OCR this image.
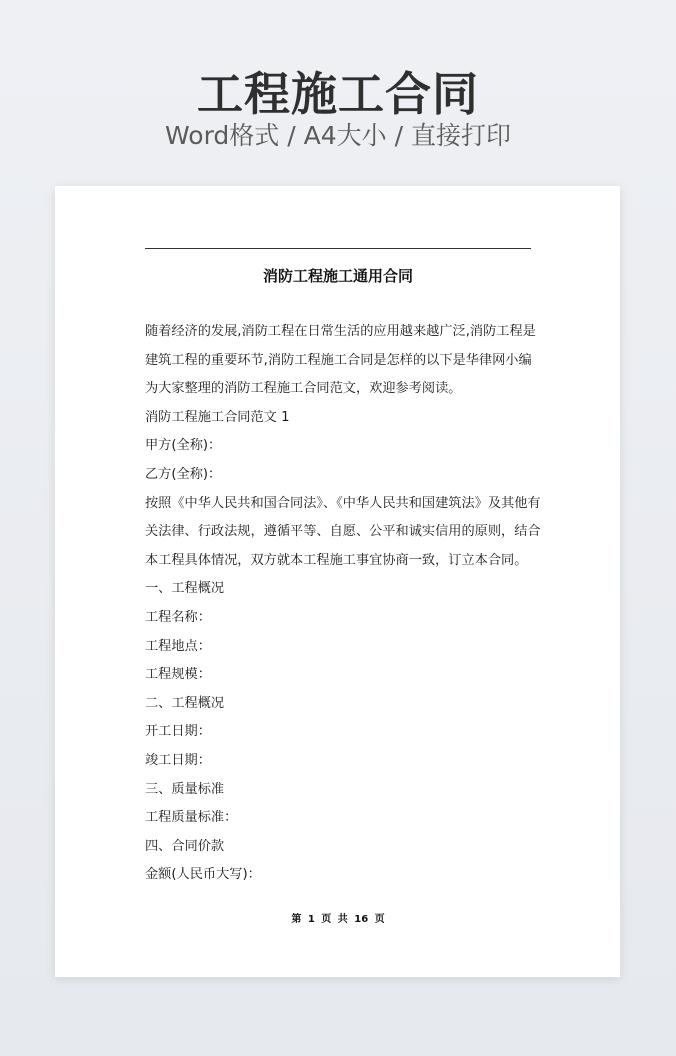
工程施工合同
Word格式 / A4大小 / 直接打印
消防工程施工通用合同
随着经济的发展,消防工程在日常生活的应用越来越广泛,消防工程是
建筑工程的重要环节,消防工程施工合同是怎样的以下是华律网小编
为大家整理的消防工程施工合同范文，欢迎参考阅读。
消防工程施工合同范文 1
甲方(全称)：
乙方(全称)：
按照《中华人民共和国合同法》、《中华人民共和国建筑法》及其他有
关法律、行政法规，遵循平等、自愿、公平和诚实信用的原则，结合
本工程具体情况，双方就本工程施工事宜协商一致，订立本合同。
一、工程概况
工程名称：
工程地点：
工程规模：
二、工程概况
开工日期：
竣工日期：
三、质量标准
工程质量标准：
四、合同价款
金额(人民币大写)：
第 1 页 共 16 页
